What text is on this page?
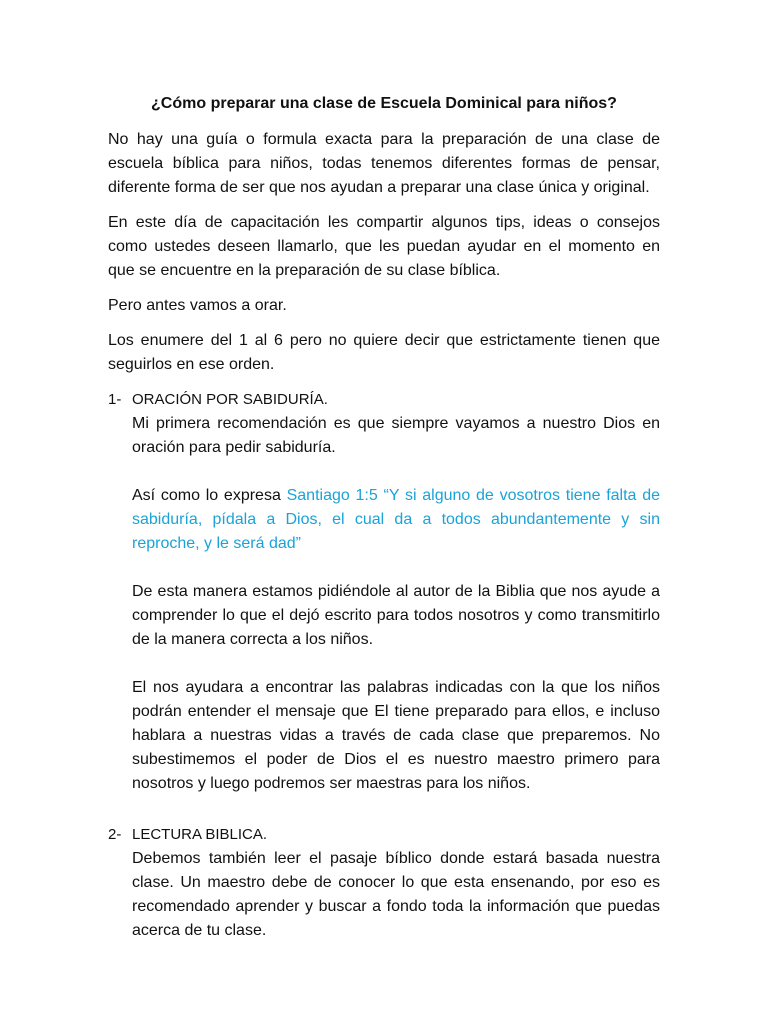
¿Cómo preparar una clase de Escuela Dominical para niños?

No hay una guía o formula exacta para la preparación de una clase de escuela bíblica para niños, todas tenemos diferentes formas de pensar, diferente forma de ser que nos ayudan a preparar una clase única y original.

En este día de capacitación les compartir algunos tips, ideas o consejos como ustedes deseen llamarlo, que les puedan ayudar en el momento en que se encuentre en la preparación de su clase bíblica.

Pero antes vamos a orar.

Los enumere del 1 al 6 pero no quiere decir que estrictamente tienen que seguirlos en ese orden.

1- ORACIÓN POR SABIDURÍA.

Mi primera recomendación es que siempre vayamos a nuestro Dios en oración para pedir sabiduría.

Así como lo expresa Santiago 1:5 “Y si alguno de vosotros tiene falta de sabiduría, pídala a Dios, el cual da a todos abundantemente y sin reproche, y le será dad”

De esta manera estamos pidiéndole al autor de la Biblia que nos ayude a comprender lo que el dejó escrito para todos nosotros y como transmitirlo de la manera correcta a los niños.

El nos ayudara a encontrar las palabras indicadas con la que los niños podrán entender el mensaje que El tiene preparado para ellos, e incluso hablara a nuestras vidas a través de cada clase que preparemos. No subestimemos el poder de Dios el es nuestro maestro primero para nosotros y luego podremos ser maestras para los niños.

2- LECTURA BIBLICA.

Debemos también leer el pasaje bíblico donde estará basada nuestra clase. Un maestro debe de conocer lo que esta ensenando, por eso es recomendado aprender y buscar a fondo toda la información que puedas acerca de tu clase.
